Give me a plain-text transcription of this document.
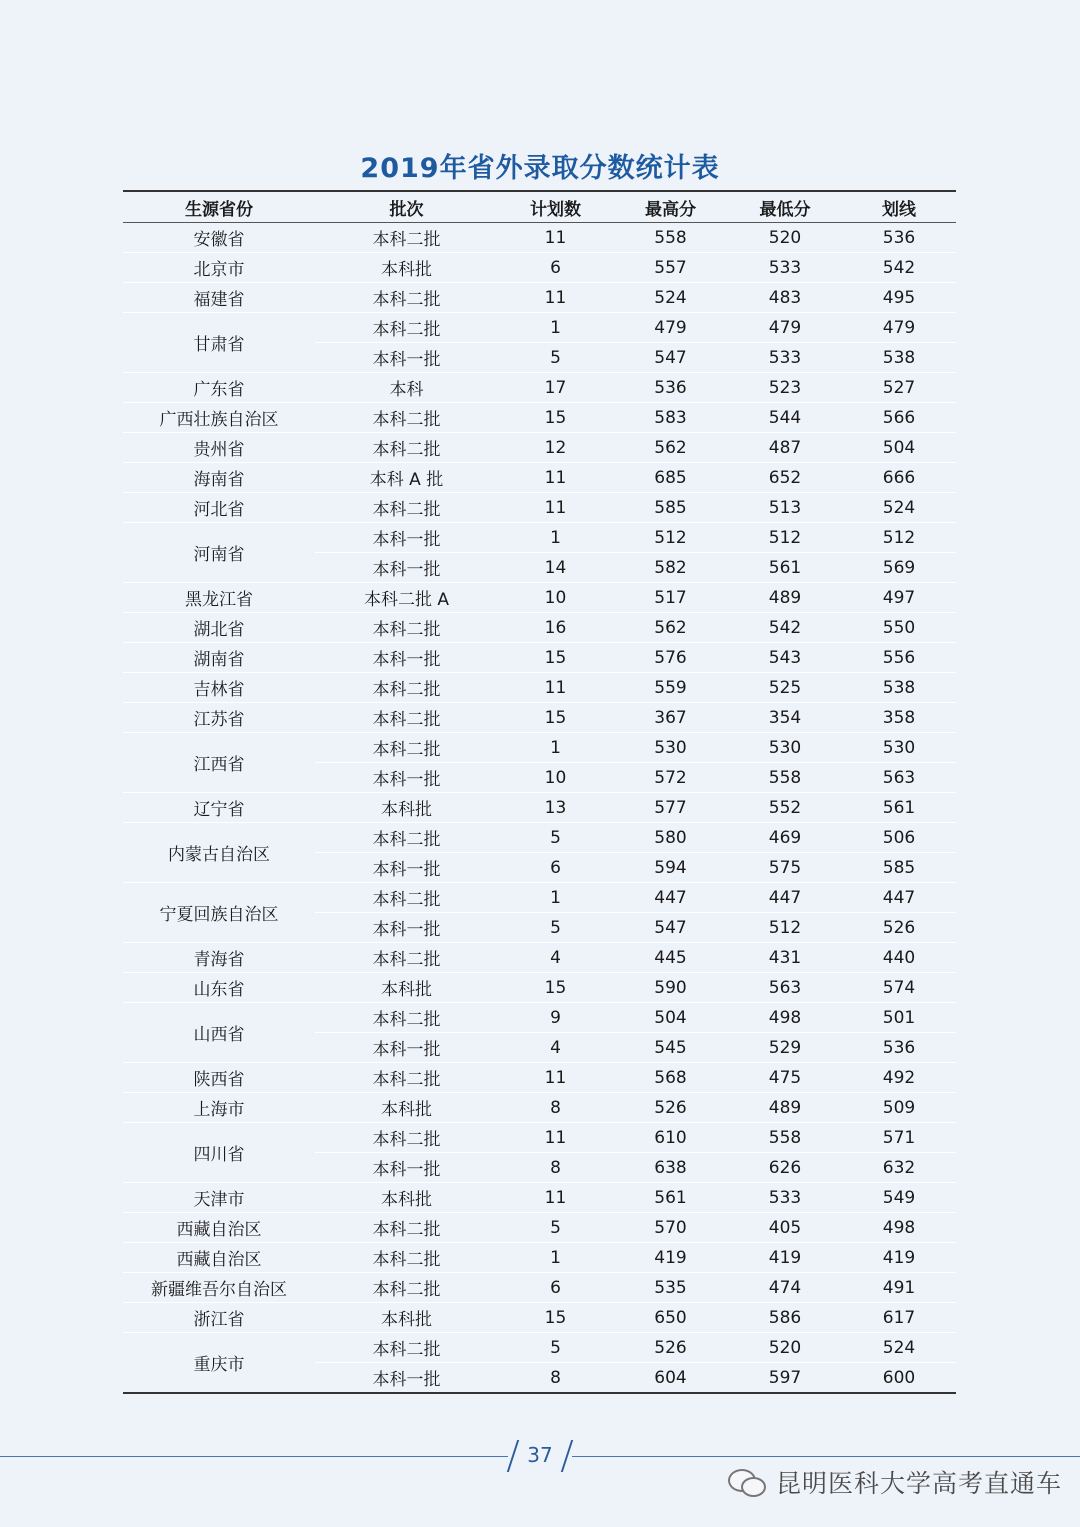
2019年省外录取分数统计表
生源省份	批次	计划数	最高分	最低分	划线
安徽省	本科二批	11	558	520	536
北京市	本科批	6	557	533	542
福建省	本科二批	11	524	483	495
甘肃省	本科二批	1	479	479	479
	本科一批	5	547	533	538
广东省	本科	17	536	523	527
广西壮族自治区	本科二批	15	583	544	566
贵州省	本科二批	12	562	487	504
海南省	本科 A 批	11	685	652	666
河北省	本科二批	11	585	513	524
河南省	本科一批	1	512	512	512
	本科一批	14	582	561	569
黑龙江省	本科二批 A	10	517	489	497
湖北省	本科二批	16	562	542	550
湖南省	本科一批	15	576	543	556
吉林省	本科二批	11	559	525	538
江苏省	本科二批	15	367	354	358
江西省	本科二批	1	530	530	530
	本科一批	10	572	558	563
辽宁省	本科批	13	577	552	561
内蒙古自治区	本科二批	5	580	469	506
	本科一批	6	594	575	585
宁夏回族自治区	本科二批	1	447	447	447
	本科一批	5	547	512	526
青海省	本科二批	4	445	431	440
山东省	本科批	15	590	563	574
山西省	本科二批	9	504	498	501
	本科一批	4	545	529	536
陕西省	本科二批	11	568	475	492
上海市	本科批	8	526	489	509
四川省	本科二批	11	610	558	571
	本科一批	8	638	626	632
天津市	本科批	11	561	533	549
西藏自治区	本科二批	5	570	405	498
西藏自治区	本科二批	1	419	419	419
新疆维吾尔自治区	本科二批	6	535	474	491
浙江省	本科批	15	650	586	617
重庆市	本科二批	5	526	520	524
	本科一批	8	604	597	600
37
昆明医科大学高考直通车
